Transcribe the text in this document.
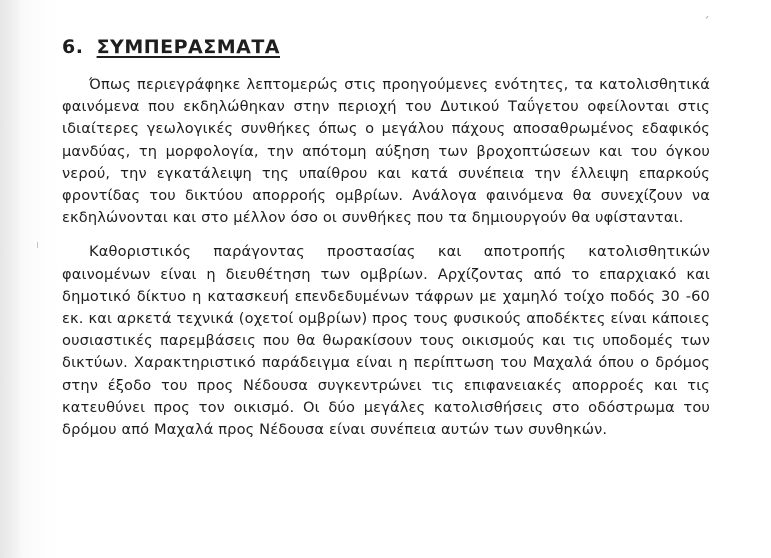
ʼ
ı
6. ΣΥΜΠΕΡΑΣΜΑΤΑ

Όπως περιεγράφηκε λεπτομερώς στις προηγούμενες ενότητες, τα κατολισθητικά φαινόμενα που εκδηλώθηκαν στην περιοχή του Δυτικού Ταΰγετου οφείλονται στις ιδιαίτερες γεωλογικές συνθήκες όπως ο μεγάλου πάχους αποσαθρωμένος εδαφικός μανδύας, τη μορφολογία, την απότομη αύξηση των βροχοπτώσεων και του όγκου νερού, την εγκατάλειψη της υπαίθρου και κατά συνέπεια την έλλειψη επαρκούς φροντίδας του δικτύου απορροής ομβρίων. Ανάλογα φαινόμενα θα συνεχίζουν να εκδηλώνονται και στο μέλλον όσο οι συνθήκες που τα δημιουργούν θα υφίστανται.

Καθοριστικός παράγοντας προστασίας και αποτροπής κατολισθητικών φαινομένων είναι η διευθέτηση των ομβρίων. Αρχίζοντας από το επαρχιακό και δημοτικό δίκτυο η κατασκευή επενδεδυμένων τάφρων με χαμηλό τοίχο ποδός 30 -60 εκ. και αρκετά τεχνικά (οχετοί ομβρίων) προς τους φυσικούς αποδέκτες είναι κάποιες ουσιαστικές παρεμβάσεις που θα θωρακίσουν τους οικισμούς και τις υποδομές των δικτύων. Χαρακτηριστικό παράδειγμα είναι η περίπτωση του Μαχαλά όπου ο δρόμος στην έξοδο του προς Νέδουσα συγκεντρώνει τις επιφανειακές απορροές και τις κατευθύνει προς τον οικισμό. Οι δύο μεγάλες κατολισθήσεις στο οδόστρωμα του δρόμου από Μαχαλά προς Νέδουσα είναι συνέπεια αυτών των συνθηκών.
